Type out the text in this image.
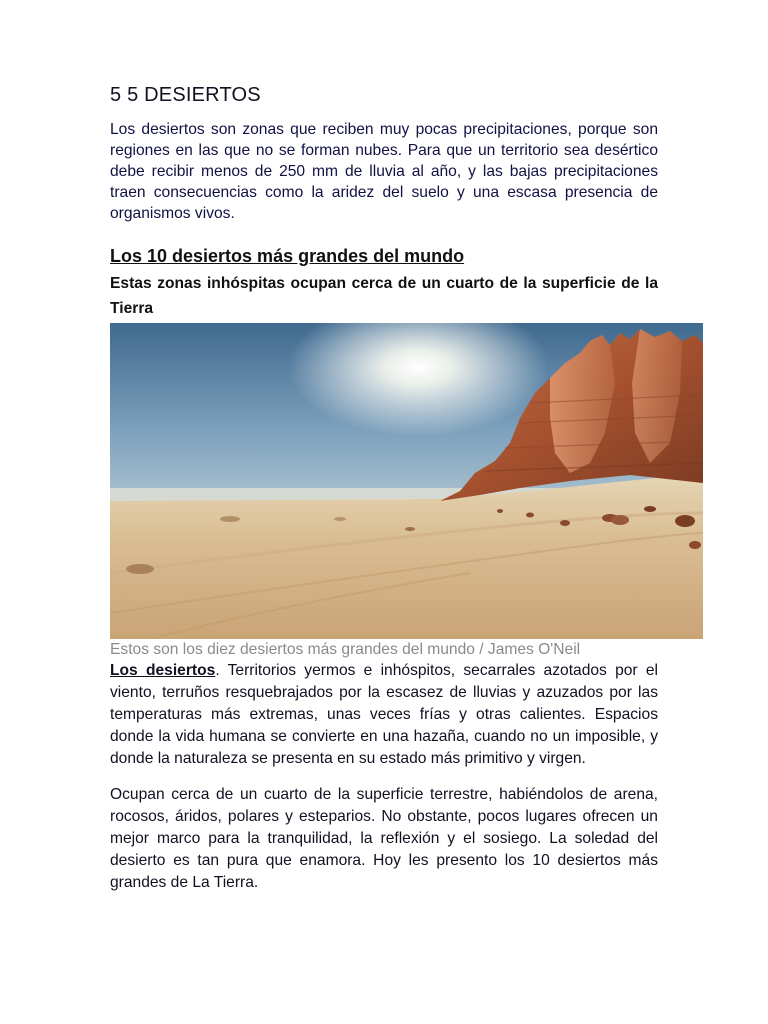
5 5 DESIERTOS

Los desiertos son zonas que reciben muy pocas precipitaciones, porque son regiones en las que no se forman nubes. Para que un territorio sea desértico debe recibir menos de 250 mm de lluvia al año, y las bajas precipitaciones traen consecuencias como la aridez del suelo y una escasa presencia de organismos vivos.

Los 10 desiertos más grandes del mundo

Estas zonas inhóspitas ocupan cerca de un cuarto de la superficie de la Tierra

Estos son los diez desiertos más grandes del mundo / James O'Neil

Los desiertos. Territorios yermos e inhóspitos, secarrales azotados por el viento, terruños resquebrajados por la escasez de lluvias y azuzados por las temperaturas más extremas, unas veces frías y otras calientes. Espacios donde la vida humana se convierte en una hazaña, cuando no un imposible, y donde la naturaleza se presenta en su estado más primitivo y virgen.

Ocupan cerca de un cuarto de la superficie terrestre, habiéndolos de arena, rocosos, áridos, polares y esteparios. No obstante, pocos lugares ofrecen un mejor marco para la tranquilidad, la reflexión y el sosiego. La soledad del desierto es tan pura que enamora. Hoy les presento los 10 desiertos más grandes de La Tierra.
